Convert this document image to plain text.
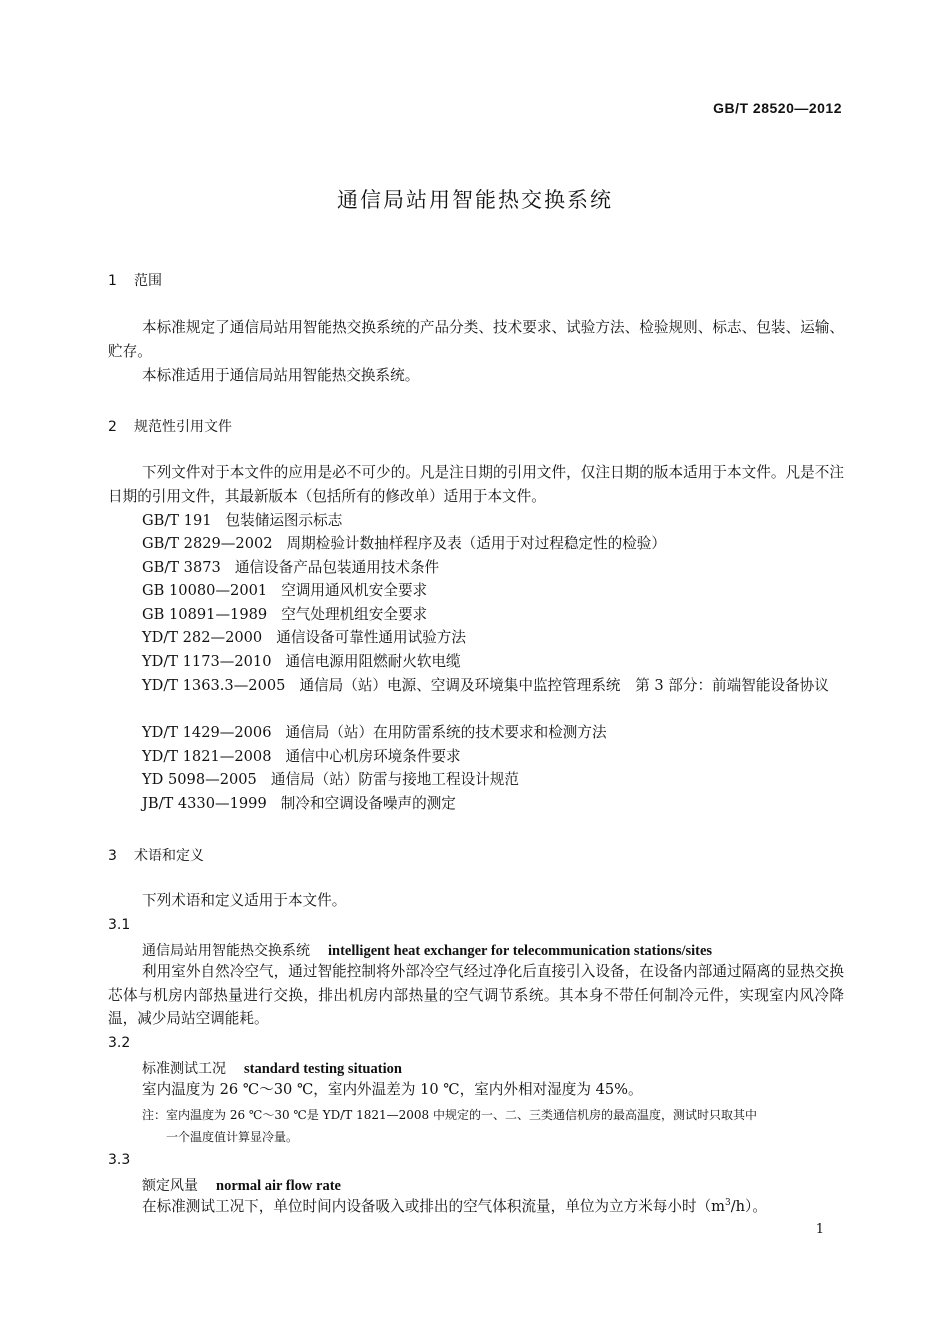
GB/T 28520—2012
通信局站用智能热交换系统
1 范围
本标准规定了通信局站用智能热交换系统的产品分类、技术要求、试验方法、检验规则、标志、包装、运输、贮存。
本标准适用于通信局站用智能热交换系统。
2 规范性引用文件
下列文件对于本文件的应用是必不可少的。凡是注日期的引用文件，仅注日期的版本适用于本文件。凡是不注日期的引用文件，其最新版本（包括所有的修改单）适用于本文件。
GB/T 191 包装储运图示标志
GB/T 2829—2002 周期检验计数抽样程序及表（适用于对过程稳定性的检验）
GB/T 3873 通信设备产品包装通用技术条件
GB 10080—2001 空调用通风机安全要求
GB 10891—1989 空气处理机组安全要求
YD/T 282—2000 通信设备可靠性通用试验方法
YD/T 1173—2010 通信电源用阻燃耐火软电缆
YD/T 1363.3—2005 通信局（站）电源、空调及环境集中监控管理系统　第 3 部分：前端智能设备协议
YD/T 1429—2006 通信局（站）在用防雷系统的技术要求和检测方法
YD/T 1821—2008 通信中心机房环境条件要求
YD 5098—2005 通信局（站）防雷与接地工程设计规范
JB/T 4330—1999 制冷和空调设备噪声的测定
3 术语和定义
下列术语和定义适用于本文件。
3.1
通信局站用智能热交换系统 intelligent heat exchanger for telecommunication stations/sites
利用室外自然冷空气，通过智能控制将外部冷空气经过净化后直接引入设备，在设备内部通过隔离的显热交换芯体与机房内部热量进行交换，排出机房内部热量的空气调节系统。其本身不带任何制冷元件，实现室内风冷降温，减少局站空调能耗。
3.2
标准测试工况 standard testing situation
室内温度为 26 ℃～30 ℃，室内外温差为 10 ℃，室内外相对湿度为 45%。
注：室内温度为 26 ℃～30 ℃是 YD/T 1821—2008 中规定的一、二、三类通信机房的最高温度，测试时只取其中
一个温度值计算显冷量。
3.3
额定风量 normal air flow rate
在标准测试工况下，单位时间内设备吸入或排出的空气体积流量，单位为立方米每小时$(m^3/h)$。
1
